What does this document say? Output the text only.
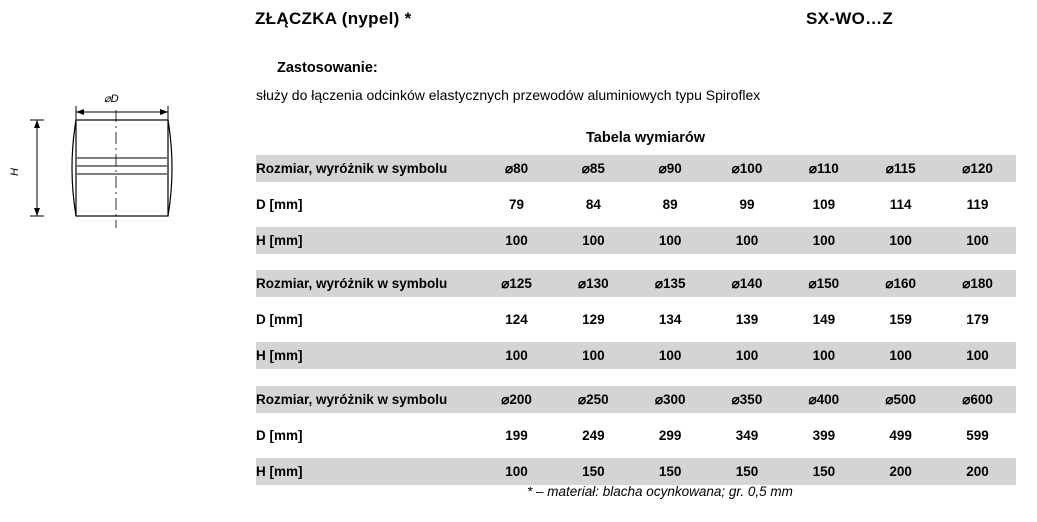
ZŁĄCZKA (nypel) *	SX-WO…Z
Zastosowanie:
służy do łączenia odcinków elastycznych przewodów aluminiowych typu Spiroflex
⌀D
H
Tabela wymiarów
Rozmiar, wyróżnik w symbolu	⌀80	⌀85	⌀90	⌀100	⌀110	⌀115	⌀120

D [mm]	79	84	89	99	109	114	119

H [mm]	100	100	100	100	100	100	100
Rozmiar, wyróżnik w symbolu	⌀125	⌀130	⌀135	⌀140	⌀150	⌀160	⌀180

D [mm]	124	129	134	139	149	159	179

H [mm]	100	100	100	100	100	100	100
Rozmiar, wyróżnik w symbolu	⌀200	⌀250	⌀300	⌀350	⌀400	⌀500	⌀600

D [mm]	199	249	299	349	399	499	599

H [mm]	100	150	150	150	150	200	200
* – materiał: blacha ocynkowana; gr. 0,5 mm
